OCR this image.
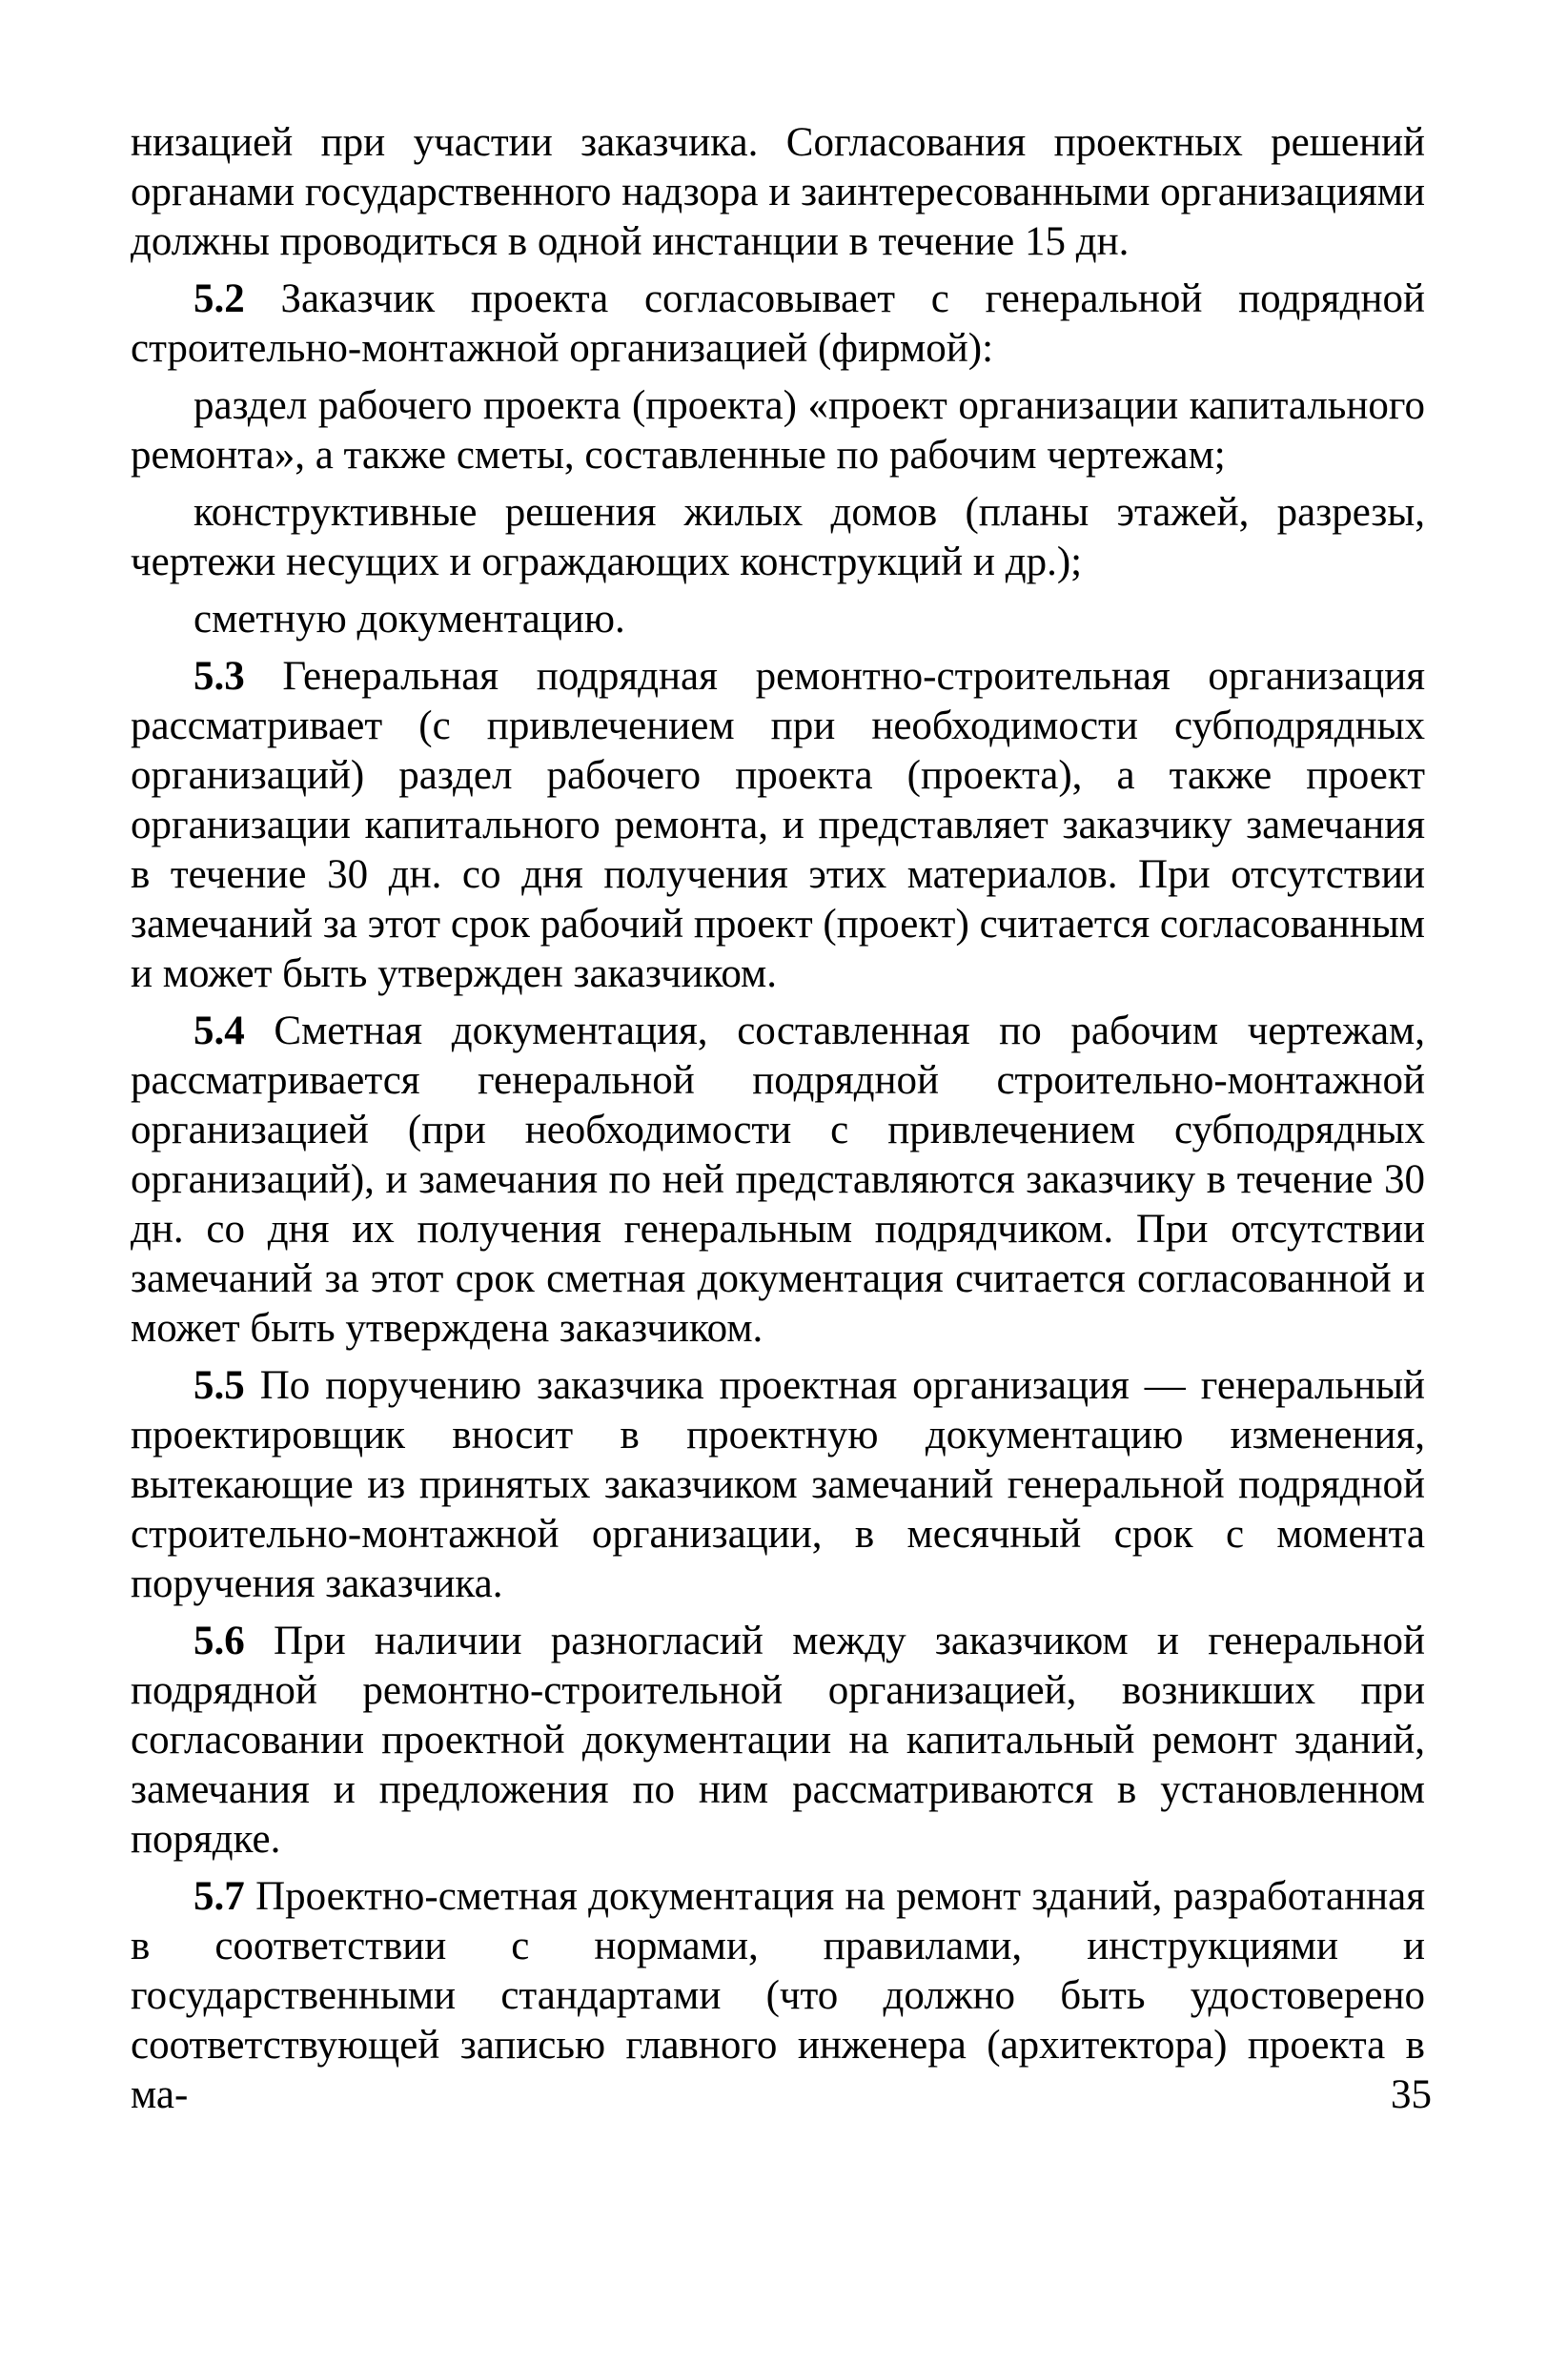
низацией при участии заказчика. Согласования проектных решений органами государственного надзора и заинтересованными организациями должны проводиться в одной инстанции в течение 15 дн.

5.2 Заказчик проекта согласовывает с генеральной подрядной строительно-монтажной организацией (фирмой):

раздел рабочего проекта (проекта) «проект организации капитального ремонта», а также сметы, составленные по рабочим чертежам;

конструктивные решения жилых домов (планы этажей, разрезы, чертежи несущих и ограждающих конструкций и др.);

сметную документацию.

5.3 Генеральная подрядная ремонтно-строительная организация рассматривает (с привлечением при необходимости субподрядных организаций) раздел рабочего проекта (проекта), а также проект организации капитального ремонта, и представляет заказчику замечания в течение 30 дн. со дня получения этих материалов. При отсутствии замечаний за этот срок рабочий проект (проект) считается согласованным и может быть утвержден заказчиком.

5.4 Сметная документация, составленная по рабочим чертежам, рассматривается генеральной подрядной строительно-монтажной организацией (при необходимости с привлечением субподрядных организаций), и замечания по ней представляются заказчику в течение 30 дн. со дня их получения генеральным подрядчиком. При отсутствии замечаний за этот срок сметная документация считается согласованной и может быть утверждена заказчиком.

5.5 По поручению заказчика проектная организация — генеральный проектировщик вносит в проектную документацию изменения, вытекающие из принятых заказчиком замечаний генеральной подрядной строительно-монтажной организации, в месячный срок с момента поручения заказчика.

5.6 При наличии разногласий между заказчиком и генеральной подрядной ремонтно-строительной организацией, возникших при согласовании проектной документации на капитальный ремонт зданий, замечания и предложения по ним рассматриваются в установленном порядке.

5.7 Проектно-сметная документация на ремонт зданий, разработанная в соответствии с нормами, правилами, инструкциями и государственными стандартами (что должно быть удостоверено соответствующей записью главного инженера (архитектора) проекта в ма-	35
